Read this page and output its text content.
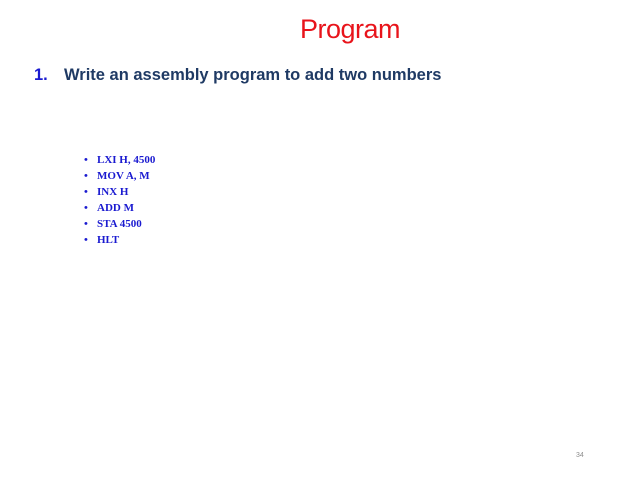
Program
1. Write an assembly program to add two numbers
• LXI H, 4500
• MOV A, M
• INX H
• ADD M
• STA 4500
• HLT
34
